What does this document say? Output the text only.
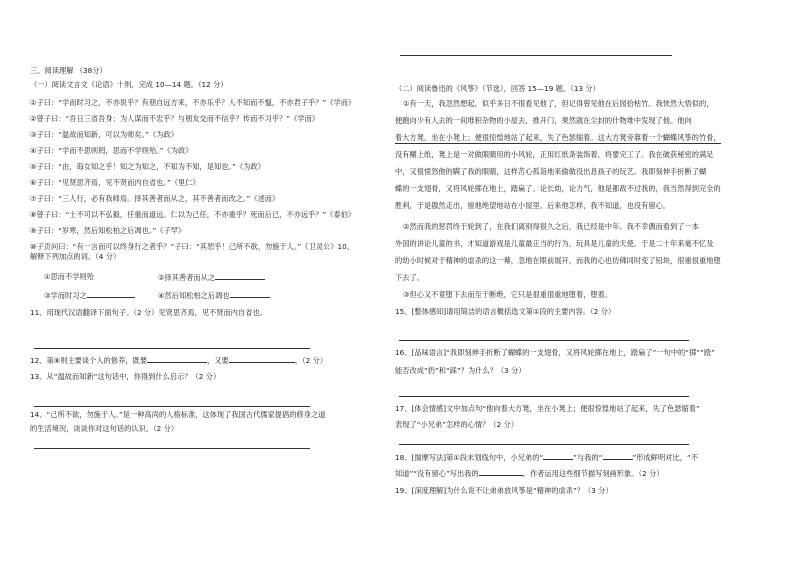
三、阅读理解 （38分）
（一）阅读文言文《论语》十则，完成 10—14 题。（12 分）
①子曰：“学而时习之，不亦说乎？有朋自远方来，不亦乐乎？人不知而不愠，不亦君子乎？”《学而》
②曾子曰：“吾日三省吾身：为人谋而不忠乎？与朋友交而不信乎？传而不习乎？”《学而》
③子曰：“温故而知新，可以为师矣。”《为政》
④子曰：“学而不思则罔，思而不学则殆。”《为政》
⑤子曰：“由，诲女知之乎！知之为知之，不知为不知，是知也。”《为政》
⑥子曰：“见贤思齐焉，见不贤而内自省也。”《里仁》
⑦子曰：“三人行，必有我师焉。择其善者而从之，其不善者而改之。”《述而》
⑧曾子曰：“士不可以不弘毅，任重而道远。仁以为己任，不亦重乎？死而后已，不亦远乎？”《泰伯》
⑨子曰：“岁寒，然后知松柏之后凋也。”《子罕》
⑩子贡问曰：“有一言而可以终身行之者乎？”子曰：“其恕乎！己所不欲，勿施于人。”《卫灵公》10、解释下列加点的词。（4 分）
①思而不学则殆	②择其善者而从之
③学而时习之	④然后知松柏之后凋也
11、用现代汉语翻译下面句子。（2 分）见贤思齐焉，见不贤而内自省也。
12、第⑧则主要谈个人的修养，既要	，又要	。（2 分）
13、从“温故而知新”这句话中，你得到什么启示？（2 分）
14、“己所不欲，勿施于人。”是一种高尚的人格标准，这体现了我国古代儒家提倡的修身之道
的生活境况，谈谈你对这句话的认识。（2 分）
（二）阅读鲁迅的《风筝》（节选），回答 15—19 题。（13 分）
①有一天，我忽然想起，似乎多日不很看见他了，但记得曾见他在后园拾枯竹。我恍然大悟似的，
便跑向少有人去的一间堆积杂物的小屋去，推开门，果然就在尘封的什物堆中发现了他。他向
着大方凳，坐在小凳上；便很惊惶地站了起来，失了色瑟缩着。这大方凳旁靠着一个蝴蝶风筝的竹骨，
没有糊上纸，凳上是一对做眼睛用的小风轮，正用红纸条装饰着，将要完工了。我在破获秘密的满足
中，又很愤怒他的瞒了我的眼睛，这样苦心孤诣地来偷做没出息孩子的玩艺。我即刻伸手折断了蝴
蝶的一支翅骨，又将风轮掷在地上，踏扁了。论长幼，论力气，他是都敌不过我的，我当然得到完全的
胜利，于是傲然走出，留他绝望地站在小屋里。后来他怎样，我不知道，也没有留心。
②然而我的惩罚终于轮到了，在我们离别得很久之后，我已经是中年。我不幸偶而看到了一本
外国的讲论儿童的书，才知道游戏是儿童最正当的行为，玩具是儿童的天使。于是二十年来毫不忆及
的幼小时候对于精神的虐杀的这一幕，忽地在眼前展开，而我的心也仿佛同时变了铅块，很重很重地堕
下去了。
③但心又不竟堕下去而至于断绝，它只是很重很重地堕着，堕着。
15、[整体感知]请用简洁的语言概括选文第①段的主要内容。（2 分）
16、[品味语言]“我即刻伸手折断了蝴蝶的一支翅骨，又将风轮掷在地上，踏扁了”一句中的“掷”“踏”
能否改成“扔”和“踩”？为什么？（3 分）
17、[体会情感]文中加点句“他向着大方凳，坐在小凳上；便很惊惶地站了起来，失了色瑟缩着”
表现了“小兄弟”怎样的心情？（2 分）
18、[揣摩写法]第①段末划线句中，小兄弟的“	”与我的“	”形成鲜明对比，“不
知道”“没有留心”写出我的	。作者运用这些细节描写刻画形象。（2 分）
19、[深度理解]为什么说不让弟弟放风筝是“精神的虐杀”？（3 分）
